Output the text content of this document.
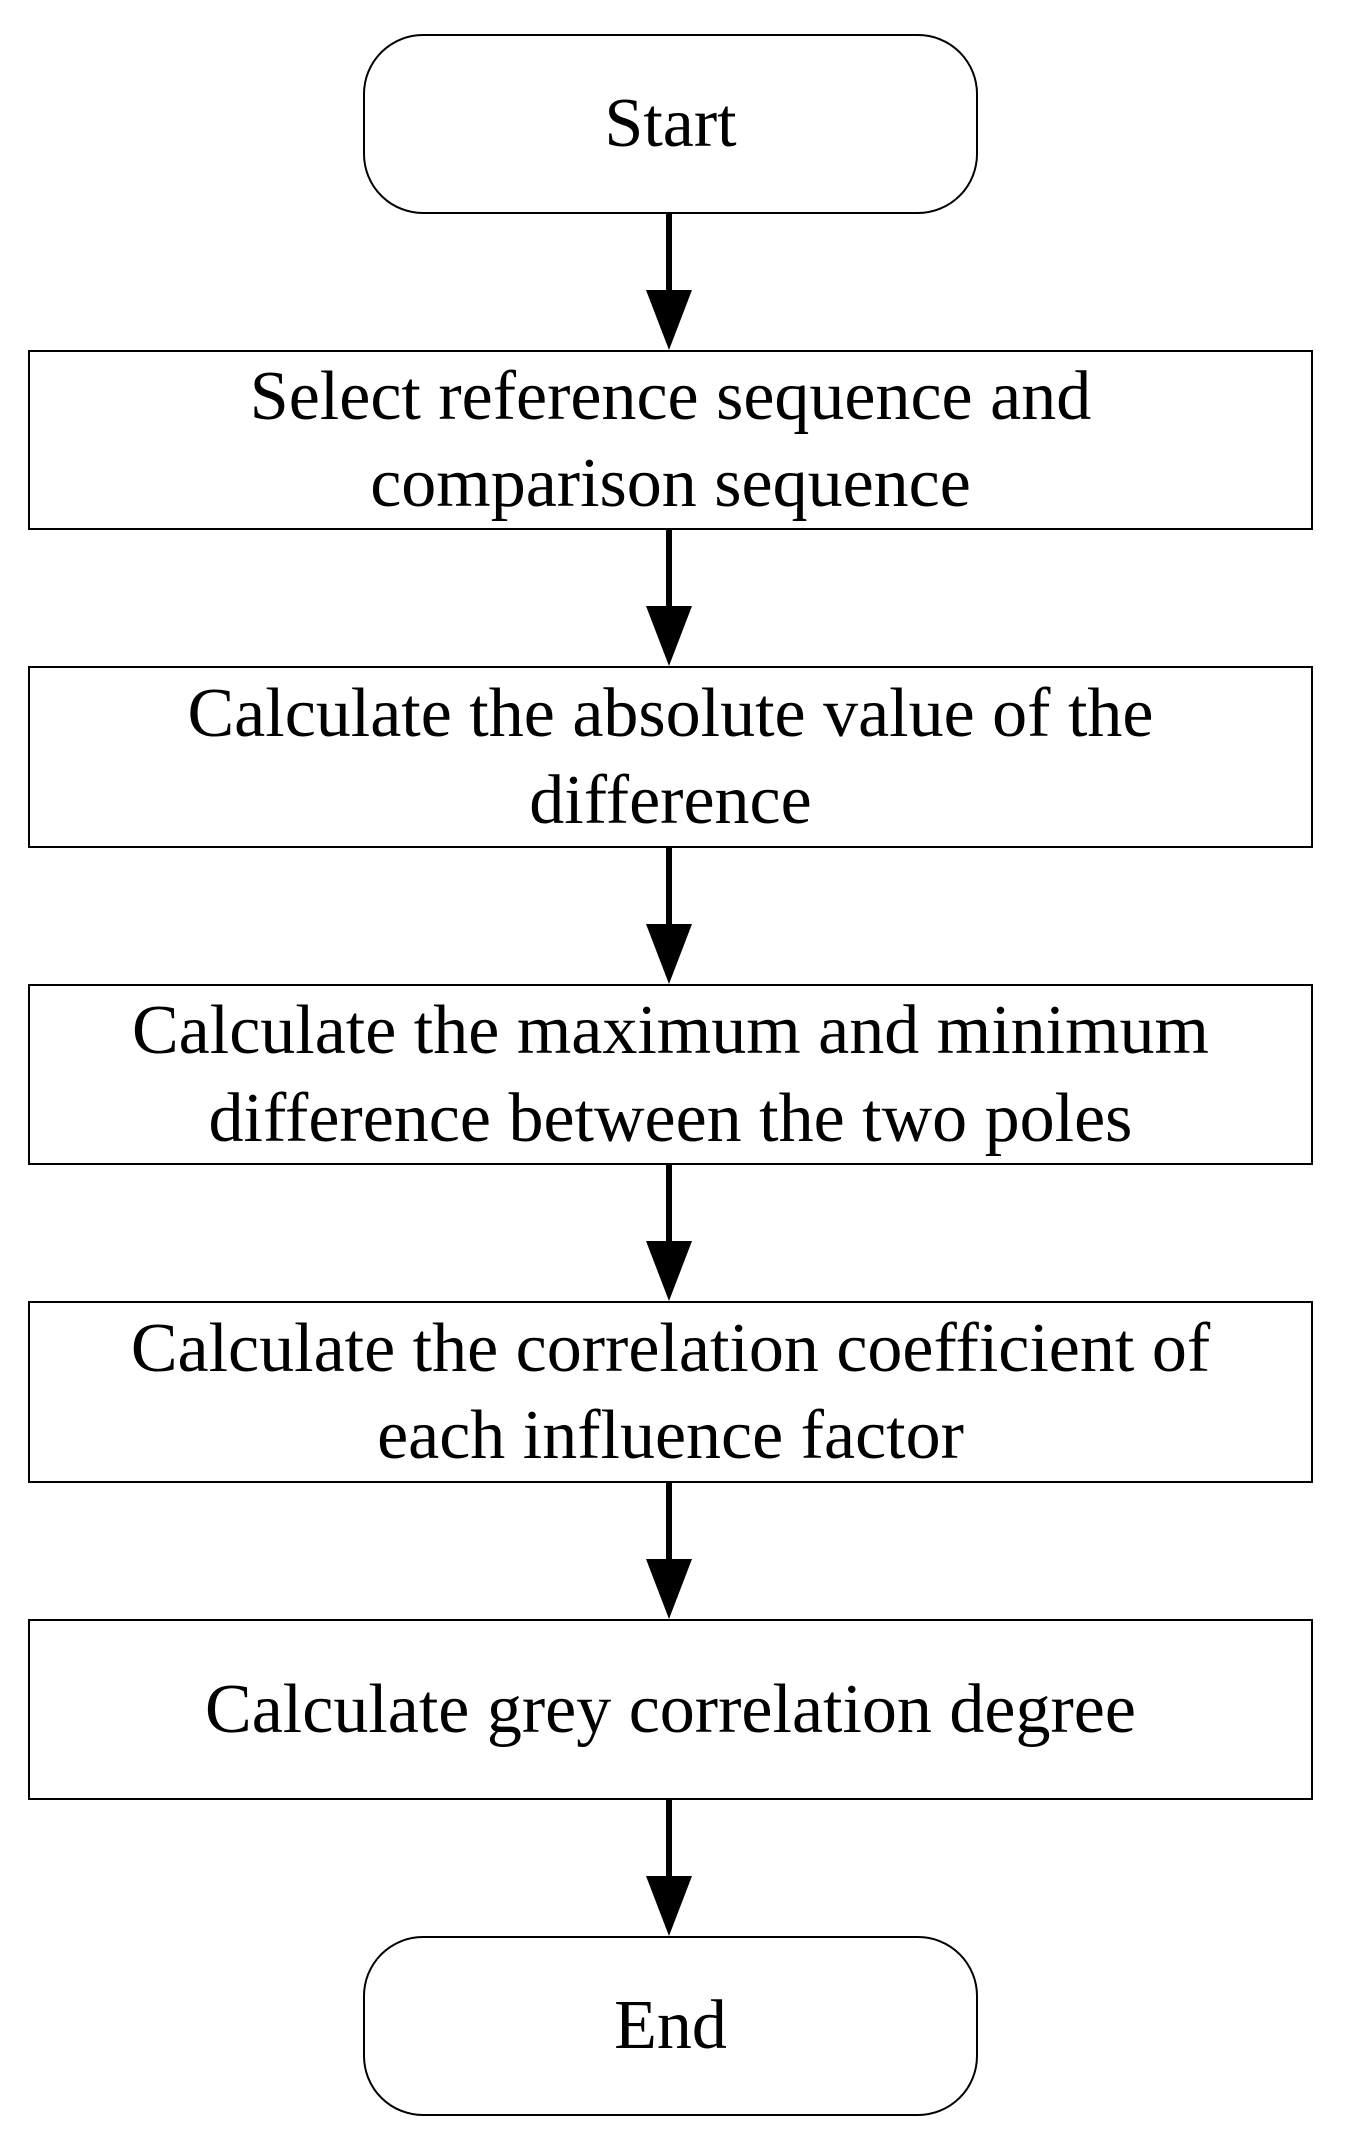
Start
Select reference sequence and
comparison sequence
Calculate the absolute value of the
difference
Calculate the maximum and minimum
difference between the two poles
Calculate the correlation coefficient of
each influence factor
Calculate grey correlation degree
End
